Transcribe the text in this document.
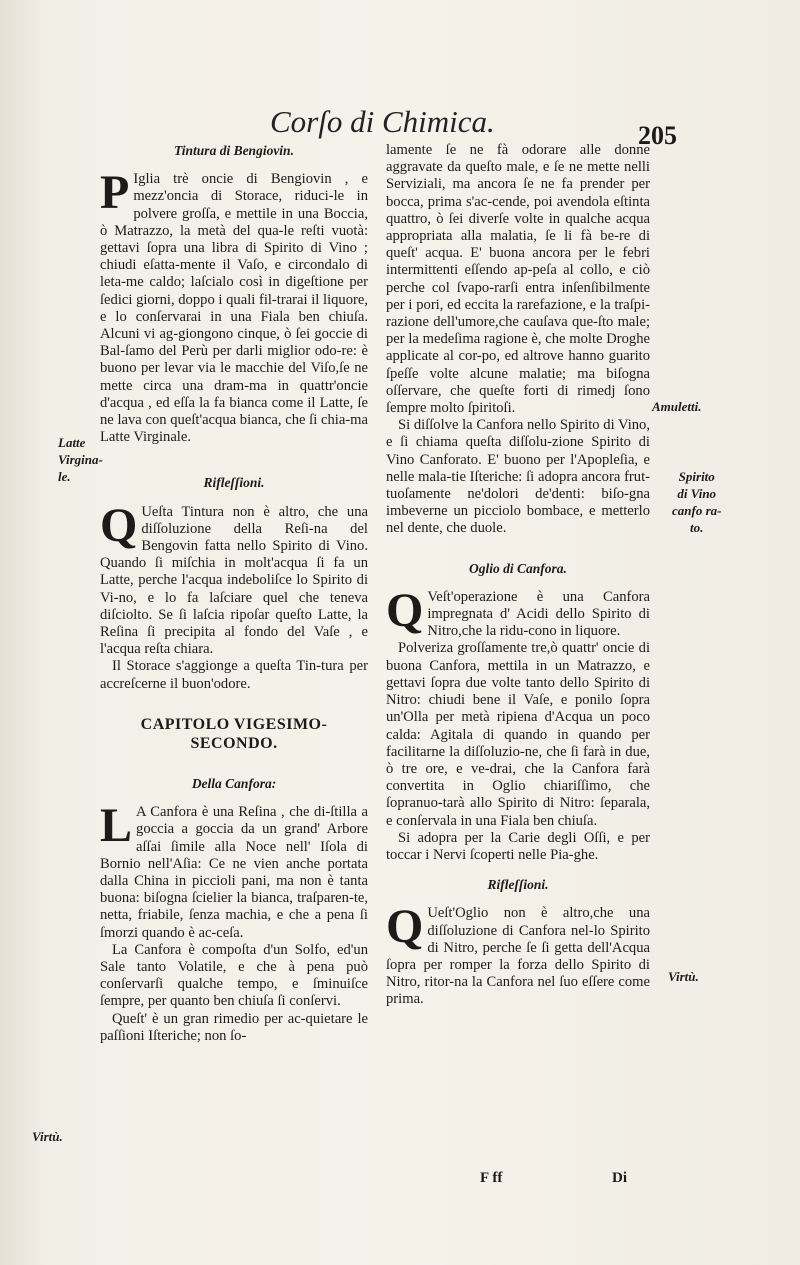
Corſo di Chimica.	205

Tintura di Bengiovin.

P Iglia trè oncie di Bengiovin , e mezz'oncia di Storace, riduci-le in polvere groſſa, e mettile in una Boccia, ò Matrazzo, la metà del qua-le reſti vuotà: gettavi ſopra una libra di Spirito di Vino ; chiudi eſatta-mente il Vaſo, e circondalo di leta-me caldo; laſcialo così in digeſtione per ſedici giorni, doppo i quali fil-trarai il liquore, e lo conſervarai in una Fiala ben chiuſa. Alcuni vi ag-giongono cinque, ò ſei goccie di Bal-ſamo del Perù per darli miglior odo-re: è buono per levar via le macchie del Viſo,ſe ne mette circa una dram-ma in quattr'oncie d'acqua , ed eſſa la fa bianca come il Latte, ſe ne lava con queſt'acqua bianca, che ſi chia-ma Latte Virginale.

Rifleſſioni.

Q Ueſta Tintura non è altro, che una diſſoluzione della Reſi-na del Bengovin fatta nello Spirito di Vino. Quando ſi miſchia in molt'acqua ſi fa un Latte, perche l'acqua indeboliſce lo Spirito di Vi-no, e lo fa laſciare quel che teneva diſciolto. Se ſi laſcia ripoſar queſto Latte, la Reſina ſi precipita al fondo del Vaſe , e l'acqua reſta chiara.

Il Storace s'aggionge a queſta Tin-tura per accreſcerne il buon'odore.

CAPITOLO VIGESIMO-

SECONDO.

Della Canfora:

L A Canfora è una Reſina , che di-ſtilla a goccia a goccia da un grand' Arbore aſſai ſimile alla Noce nell' Iſola di Bornio nell'Aſia: Ce ne vien anche portata dalla China in piccioli pani, ma non è tanta buona: biſogna ſcielier la bianca, traſparen-te, netta, friabile, ſenza machia, e che a pena ſi ſmorzi quando è ac-ceſa.

La Canfora è compoſta d'un Solfo, ed'un Sale tanto Volatile, e che à pena può conſervarſi qualche tempo, e ſminuiſce ſempre, per quanto ben chiuſa ſi conſervi.

Queſt' è un gran rimedio per ac-quietare le paſſioni Iſteriche; non ſo-

lamente ſe ne fà odorare alle donne aggravate da queſto male, e ſe ne mette nelli Serviziali, ma ancora ſe ne fa prender per bocca, prima s'ac-cende, poi avendola eſtinta quattro, ò ſei diverſe volte in qualche acqua appropriata alla malatia, ſe li fà be-re di queſt' acqua. E' buona ancora per le febri intermittenti eſſendo ap-peſa al collo, e ciò perche col ſvapo-rarſi entra inſenſibilmente per i pori, ed eccita la rarefazione, e la traſpi-razione dell'umore,che cauſava que-ſto male; per la medeſima ragione è, che molte Droghe applicate al cor-po, ed altrove hanno guarito ſpeſſe volte alcune malatie; ma biſogna oſſervare, che queſte forti di rimedj ſono ſempre molto ſpiritoſi.

Si diſſolve la Canfora nello Spirito di Vino, e ſi chiama queſta diſſolu-zione Spirito di Vino Canforato. E' buono per l'Apopleſia, e nelle mala-tie Iſteriche: ſi adopra ancora frut-tuoſamente ne'dolori de'denti: biſo-gna imbeverne un picciolo bombace, e metterlo nel dente, che duole.

Oglio di Canfora.

Q Veſt'operazione è una Canfora impregnata d' Acidi dello Spirito di Nitro,che la ridu-cono in liquore.

Polveriza groſſamente tre,ò quattr' oncie di buona Canfora, mettila in un Matrazzo, e gettavi ſopra due volte tanto dello Spirito di Nitro: chiudi bene il Vaſe, e ponilo ſopra un'Olla per metà ripiena d'Acqua un poco calda: Agitala di quando in quando per facilitarne la diſſoluzio-ne, che ſi farà in due, ò tre ore, e ve-drai, che la Canfora farà convertita in Oglio chiariſſimo, che ſopranuo-tarà allo Spirito di Nitro: ſeparala, e conſervala in una Fiala ben chiuſa.

Si adopra per la Carie degli Oſſi, e per toccar i Nervi ſcoperti nelle Pia-ghe.

Rifleſſioni.

Q Ueſt'Oglio non è altro,che una diſſoluzione di Canfora nel-lo Spirito di Nitro, perche ſe ſi getta dell'Acqua ſopra per romper la forza dello Spirito di Nitro, ritor-na la Canfora nel ſuo eſſere come prima.

Latte
Virgina-
le.
Amuletti.
Spirito
di Vino
canfo ra-
to.
Virtù.
Virtù.
F ff	Di
